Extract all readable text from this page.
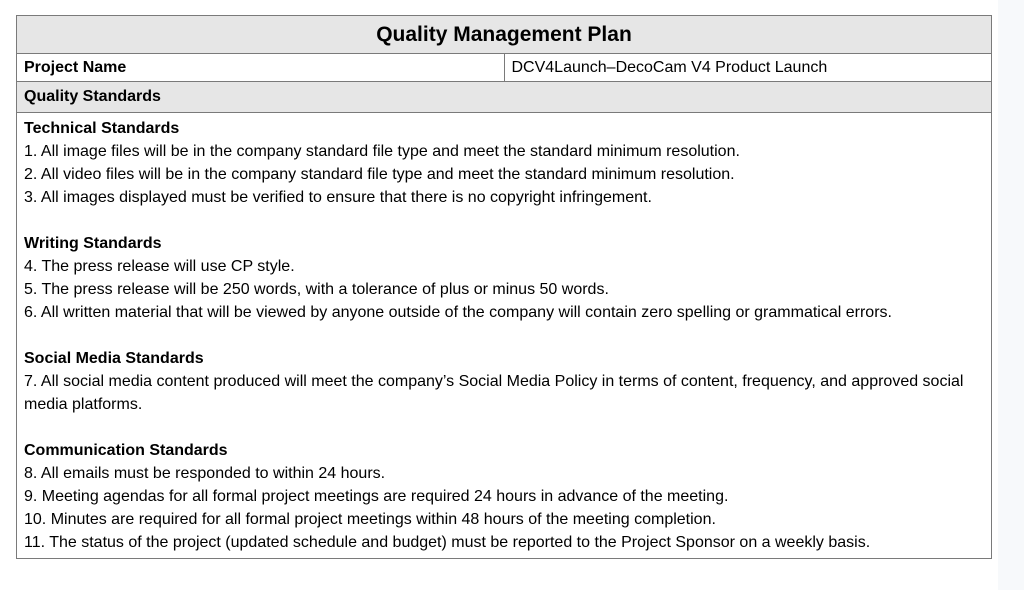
Quality Management Plan
Project Name	DCV4Launch–DecoCam V4 Product Launch
Quality Standards

Technical Standards

1. All image files will be in the company standard file type and meet the standard minimum resolution.

2. All video files will be in the company standard file type and meet the standard minimum resolution.

3. All images displayed must be verified to ensure that there is no copyright infringement.

Writing Standards

4. The press release will use CP style.

5. The press release will be 250 words, with a tolerance of plus or minus 50 words.

6. All written material that will be viewed by anyone outside of the company will contain zero spelling or grammatical errors.

Social Media Standards

7. All social media content produced will meet the company’s Social Media Policy in terms of content, frequency, and approved social media platforms.

Communication Standards

8. All emails must be responded to within 24 hours.

9. Meeting agendas for all formal project meetings are required 24 hours in advance of the meeting.

10. Minutes are required for all formal project meetings within 48 hours of the meeting completion.

11. The status of the project (updated schedule and budget) must be reported to the Project Sponsor on a weekly basis.
